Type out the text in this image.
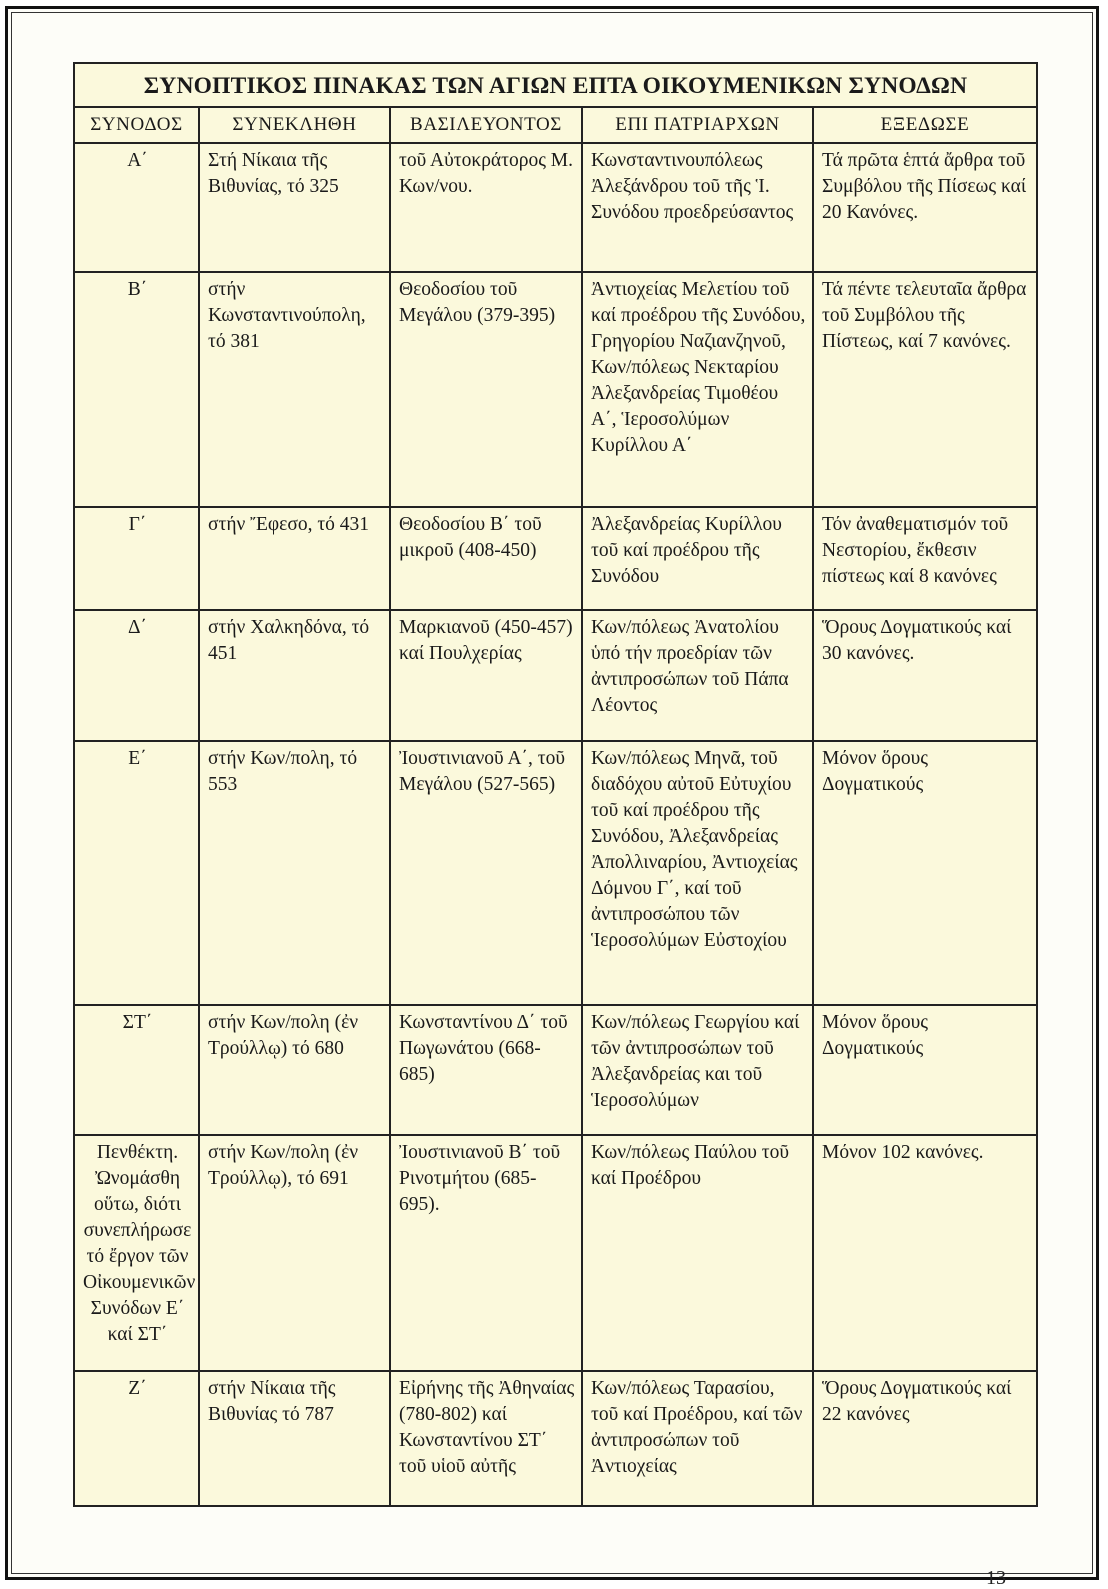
ΣΥΝΟΠΤΙΚΟΣ ΠΙΝΑΚΑΣ ΤΩΝ ΑΓΙΩΝ ΕΠΤΑ ΟΙΚΟΥΜΕΝΙΚΩΝ ΣΥΝΟΔΩΝ				
ΣΥΝΟΔΟΣ	ΣΥΝΕΚΛΗΘΗ	ΒΑΣΙΛΕΥΟΝΤΟΣ	ΕΠΙ ΠΑΤΡΙΑΡΧΩΝ	ΕΞΕΔΩΣΕ
Α΄	Στή Νίκαια τῆς Βιθυνίας, τό 325	τοῦ Αὐτοκράτορος Μ. Κων/νου.	Κωνσταντινουπόλεως Ἀλεξάνδρου τοῦ τῆς Ἱ. Συνόδου προεδρεύσαντος	Τά πρῶτα ἑπτά ἄρθρα τοῦ Συμβόλου τῆς Πίσεως καί 20 Κανόνες.
Β΄	στήν Κωνσταντινούπολη, τό 381	Θεοδοσίου τοῦ Μεγάλου (379-395)	Ἀντιοχείας Μελετίου τοῦ καί προέδρου τῆς Συνόδου, Γρηγορίου Ναζιανζηνοῦ, Κων/πόλεως Νεκταρίου Ἀλεξανδρείας Τιμοθέου Α΄, Ἱεροσολύμων Κυρίλλου Α΄	Τά πέντε τελευταῖα ἄρθρα τοῦ Συμβόλου τῆς Πίστεως, καί 7 κανόνες.
Γ΄	στήν Ἔφεσο, τό 431	Θεοδοσίου Β΄ τοῦ μικροῦ (408-450)	Ἀλεξανδρείας Κυρίλλου τοῦ καί προέδρου τῆς Συνόδου	Τόν ἀναθεματισμόν τοῦ Νεστορίου, ἔκθεσιν πίστεως καί 8 κανόνες
Δ΄	στήν Χαλκηδόνα, τό 451	Μαρκιανοῦ (450-457) καί Πουλχερίας	Κων/πόλεως Ἀνατολίου ὑπό τήν προεδρίαν τῶν ἀντιπροσώπων τοῦ Πάπα Λέοντος	Ὅρους Δογματικούς καί 30 κανόνες.
Ε΄	στήν Κων/πολη, τό 553	Ἰουστινιανοῦ Α΄, τοῦ Μεγάλου (527-565)	Κων/πόλεως Μηνᾶ, τοῦ διαδόχου αὐτοῦ Εὐτυχίου τοῦ καί προέδρου τῆς Συνόδου, Ἀλεξανδρείας Ἀπολλιναρίου, Ἀντιοχείας Δόμνου Γ΄, καί τοῦ ἀντιπροσώπου τῶν Ἱεροσολύμων Εὐστοχίου	Μόνον ὅρους Δογματικούς
ΣΤ΄	στήν Κων/πολη (ἐν Τρούλλῳ) τό 680	Κωνσταντίνου Δ΄ τοῦ Πωγωνάτου (668-685)	Κων/πόλεως Γεωργίου καί τῶν ἀντιπροσώπων τοῦ Ἀλεξανδρείας και τοῦ Ἱεροσολύμων	Μόνον ὅρους Δογματικούς
Πενθέκτη. Ὠνομάσθη οὕτω, διότι συνεπλήρωσε τό ἔργον τῶν Οἰκουμενικῶν Συνόδων Ε΄ καί ΣΤ΄	στήν Κων/πολη (ἐν Τρούλλῳ), τό 691	Ἰουστινιανοῦ Β΄ τοῦ Ρινοτμήτου (685-695).	Κων/πόλεως Παύλου τοῦ καί Προέδρου	Μόνον 102 κανόνες.
Ζ΄	στήν Νίκαια τῆς Βιθυνίας τό 787	Εἰρήνης τῆς Ἀθηναίας (780-802) καί Κωνσταντίνου ΣΤ΄ τοῦ υἱοῦ αὐτῆς	Κων/πόλεως Ταρασίου, τοῦ καί Προέδρου, καί τῶν ἀντιπροσώπων τοῦ Ἀντιοχείας	Ὅρους Δογματικούς καί 22 κανόνες
13
